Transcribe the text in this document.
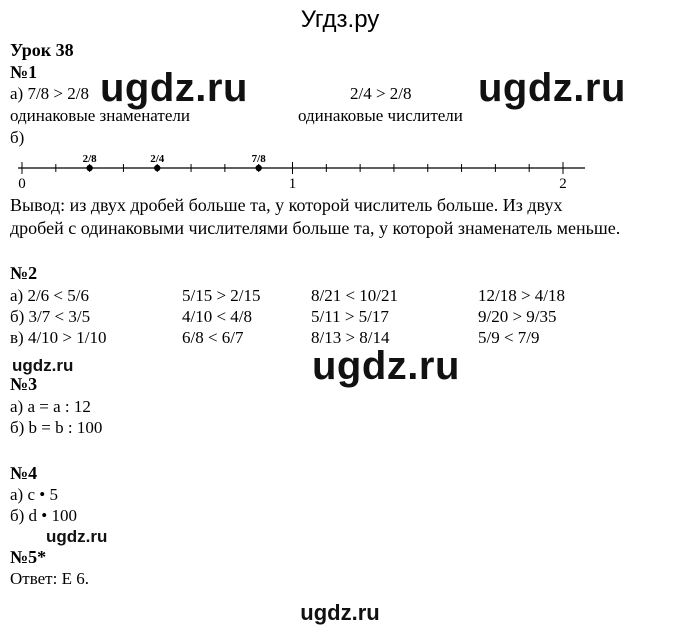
Угдз.ру
Урок 38
№1
а) 7/8 > 2/8	2/4 > 2/8
одинаковые знаменатели	одинаковые числители
б)
2/8	2/4	7/8
0	1	2
Вывод: из двух дробей больше та, у которой числитель больше. Из двух
дробей с одинаковыми числителями больше та, у которой знаменатель меньше.
№2
а) 2/6 < 5/6	5/15 > 2/15	8/21 < 10/21	12/18 > 4/18
б) 3/7 < 3/5	4/10 < 4/8	5/11 > 5/17	9/20 > 9/35
в) 4/10 > 1/10	6/8 < 6/7	8/13 > 8/14	5/9 < 7/9
№3
а) а = а : 12
б) b = b : 100
№4
а) с • 5
б) d • 100
№5*
Ответ: Е 6.
ugdz.ru	ugdz.ru
ugdz.ru
ugdz.ru
ugdz.ru
ugdz.ru
